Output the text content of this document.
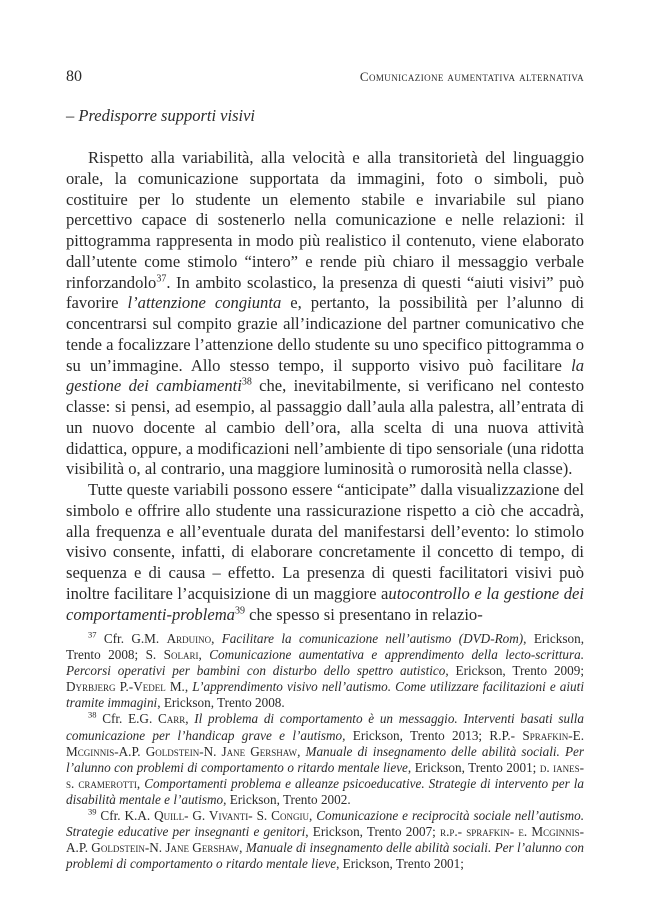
80	Comunicazione aumentativa alternativa
– Predisporre supporti visivi

Rispetto alla variabilità, alla velocità e alla transitorietà del linguaggio orale, la comunicazione supportata da immagini, foto o simboli, può costituire per lo studente un elemento stabile e invariabile sul piano percettivo capace di sostenerlo nella comunicazione e nelle relazioni: il pittogramma rappresenta in modo più realistico il contenuto, viene elaborato dall’utente come stimolo “intero” e rende più chiaro il messaggio verbale rinforzandolo$^{37}$. In ambito scolastico, la presenza di questi “aiuti visivi” può favorire l’attenzione congiunta e, pertanto, la possibilità per l’alunno di concentrarsi sul compito grazie all’indicazione del partner comunicativo che tende a focalizzare l’attenzione dello studente su uno specifico pittogramma o su un’immagine. Allo stesso tempo, il supporto visivo può facilitare la gestione dei cambiamenti$^{38}$ che, inevitabilmente, si verificano nel contesto classe: si pensi, ad esempio, al passaggio dall’aula alla palestra, all’entrata di un nuovo docente al cambio dell’ora, alla scelta di una nuova attività didattica, oppure, a modificazioni nell’ambiente di tipo sensoriale (una ridotta visibilità o, al contrario, una maggiore luminosità o rumorosità nella classe).

Tutte queste variabili possono essere “anticipate” dalla visualizzazione del simbolo e offrire allo studente una rassicurazione rispetto a ciò che accadrà, alla frequenza e all’eventuale durata del manifestarsi dell’evento: lo stimolo visivo consente, infatti, di elaborare concretamente il concetto di tempo, di sequenza e di causa – effetto. La presenza di questi facilitatori visivi può inoltre facilitare l’acquisizione di un maggiore autocontrollo e la gestione dei comportamenti-problema$^{39}$ che spesso si presentano in relazio-

$^{37}$ Cfr. G.M. Arduino, Facilitare la comunicazione nell’autismo (DVD-Rom), Erickson, Trento 2008; S. Solari, Comunicazione aumentativa e apprendimento della lecto-scrittura. Percorsi operativi per bambini con disturbo dello spettro autistico, Erickson, Trento 2009; Dyrbjerg P.-Vedel M., L’apprendimento visivo nell’autismo. Come utilizzare facilitazioni e aiuti tramite immagini, Erickson, Trento 2008.

$^{38}$ Cfr. E.G. Carr, Il problema di comportamento è un messaggio. Interventi basati sulla comunicazione per l’handicap grave e l’autismo, Erickson, Trento 2013; R.P.- Sprafkin-E. Mcginnis-A.P. Goldstein-N. Jane Gershaw, Manuale di insegnamento delle abilità sociali. Per l’alunno con problemi di comportamento o ritardo mentale lieve, Erickson, Trento 2001; d. ianes-s. cramerotti, Comportamenti problema e alleanze psicoeducative. Strategie di intervento per la disabilità mentale e l’autismo, Erickson, Trento 2002.

$^{39}$ Cfr. K.A. Quill- G. Vivanti- S. Congiu, Comunicazione e reciprocità sociale nell’autismo. Strategie educative per insegnanti e genitori, Erickson, Trento 2007; r.p.- sprafkin- e. Mcginnis-A.P. Goldstein-N. Jane Gershaw, Manuale di insegnamento delle abilità sociali. Per l’alunno con problemi di comportamento o ritardo mentale lieve, Erickson, Trento 2001;
